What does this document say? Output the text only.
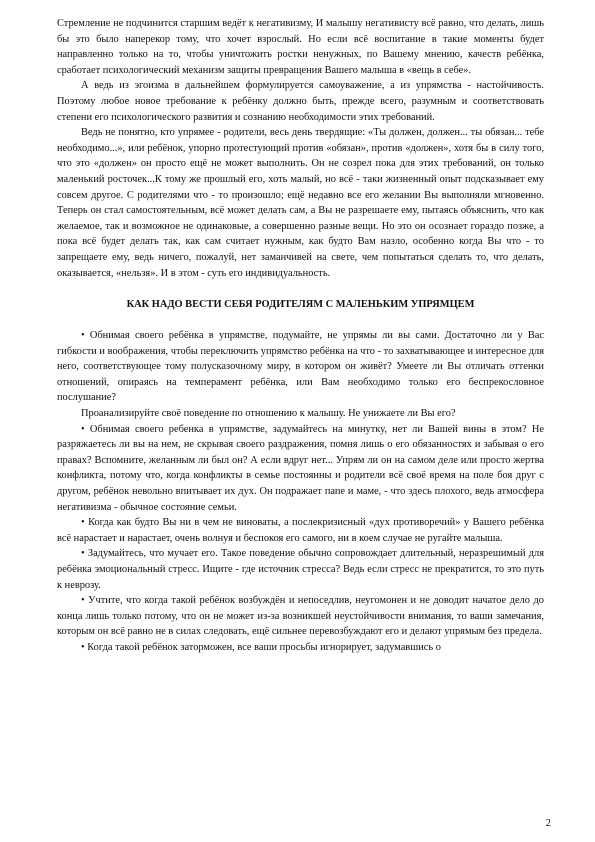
Стремление не подчинится старшим ведёт к негативизму, И малышу негативисту всё равно, что делать, лишь бы это было наперекор тому, что хочет взрослый. Но если всё воспитание в такие моменты будет направленно только на то, чтобы уничтожить ростки ненужных, по Вашему мнению, качеств ребёнка, сработает психологический механизм защиты превращения Вашего малыша в «вещь в себе».

А ведь из эгоизма в дальнейшем формулируется самоуважение, а из упрямства - настойчивость. Поэтому любое новое требование к ребёнку должно быть, прежде всего, разумным и соответствовать степени его психологического развития и сознанию необходимости этих требований.

Ведь не понятно, кто упрямее - родители, весь день твердящие: «Ты должен, должен... ты обязан... тебе необходимо...», или ребёнок, упорно протестующий против «обязан», против «должен», хотя бы в силу того, что это «должен» он просто ещё не может выполнить. Он не созрел пока для этих требований, он только маленький росточек...К тому же прошлый его, хоть малый, но всё - таки жизненный опыт подсказывает ему совсем другое. С родителями что - то произошло; ещё недавно все его желании Вы выполняли мгновенно. Теперь он стал самостоятельным, всё может делать сам, а Вы не разрешаете ему, пытаясь объяснить, что как желаемое, так и возможное не одинаковые, а совершенно разные вещи. Но это он осознает гораздо позже, а пока всё будет делать так, как сам считает нужным, как будто Вам назло, особенно когда Вы что - то запрещаете ему, ведь ничего, пожалуй, нет заманчивей на свете, чем попытаться сделать то, что делать, оказывается, «нельзя». И в этом - суть его индивидуальность.

КАК НАДО ВЕСТИ СЕБЯ РОДИТЕЛЯМ С МАЛЕНЬКИМ УПРЯМЦЕМ

• Обнимая своего ребёнка в упрямстве, подумайте, не упрямы ли вы сами. Достаточно ли у Вас гибкости и воображения, чтобы переключить упрямство ребёнка на что - то захватывающее и интересное для него, соответствующее тому полусказочному миру, в котором он живёт? Умеете ли Вы отличать оттенки отношений, опираясь на темперамент ребёнка, или Вам необходимо только его беспрекословное послушание?

Проанализируйте своё поведение по отношению к малышу. Не унижаете ли Вы его?

• Обнимая своего ребенка в упрямстве, задумайтесь на минутку, нет ли Вашей вины в этом? Не разряжаетесь ли вы на нем, не скрывая своего раздражения, помня лишь о его обязанностях и забывая о его правах? Вспомните, желанным ли был он? А если вдруг нет... Упрям ли он на самом деле или просто жертва конфликта, потому что, когда конфликты в семье постоянны и родители всё своё время на поле боя друг с другом, ребёнок невольно впитывает их дух. Он подражает папе и маме, - что здесь плохого, ведь атмосфера негативизма - обычное состояние семьи.

• Когда как будто Вы ни в чем не виноваты, а послекризисный «дух противоречий» у Вашего ребёнка всё нарастает и нарастает, очень волнуя и беспокоя его самого, ни в коем случае не ругайте малыша.

• Задумайтесь, что мучает его. Такое поведение обычно сопровождает длительный, неразрешимый для ребёнка эмоциональный стресс. Ищите - где источник стресса? Ведь если стресс не прекратится, то это путь к неврозу.

• Учтите, что когда такой ребёнок возбуждён и непоседлив, неугомонен и не доводит начатое дело до конца лишь только потому, что он не может из-за возникшей неустойчивости внимания, то ваши замечания, которым он всё равно не в силах следовать, ещё сильнее перевозбуждают его и делают упрямым без предела.

• Когда такой ребёнок заторможен, все ваши просьбы игнорирует, задумавшись о

2
